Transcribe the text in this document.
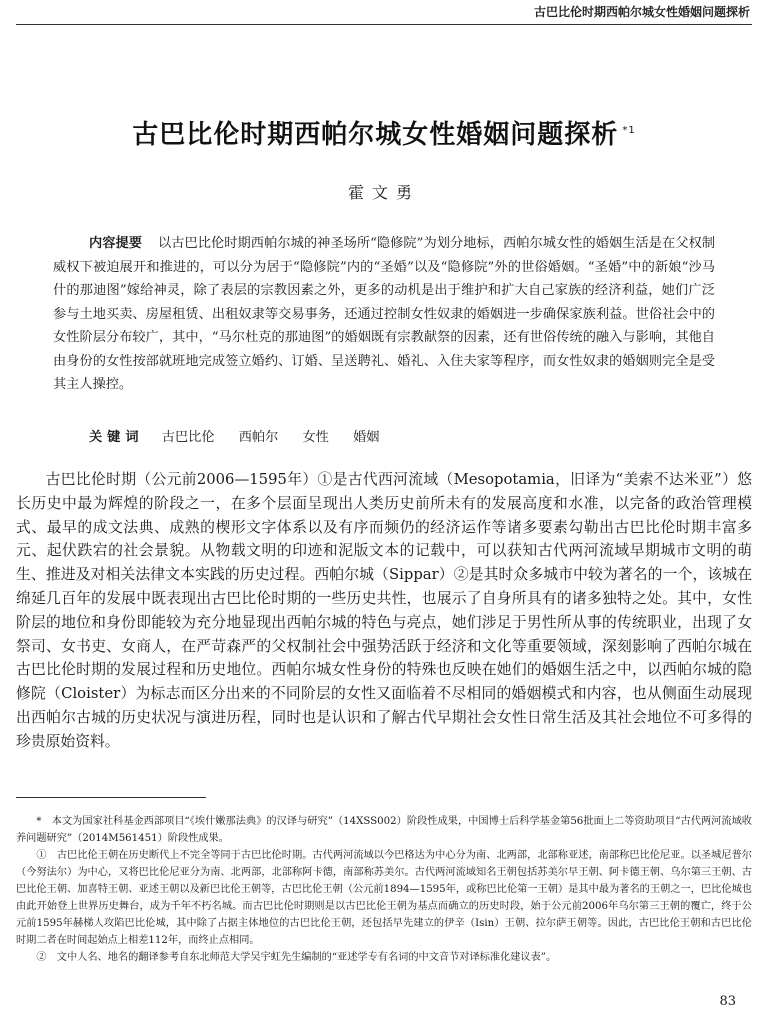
古巴比伦时期西帕尔城女性婚姻问题探析
古巴比伦时期西帕尔城女性婚姻问题探析 $^{*1}$
霍文勇

内容提要 以古巴比伦时期西帕尔城的神圣场所“隐修院”为划分地标，西帕尔城女性的婚姻生活是在父权制威权下被迫展开和推进的，可以分为居于“隐修院”内的“圣婚”以及“隐修院”外的世俗婚姻。“圣婚”中的新娘“沙马什的那迪图”嫁给神灵，除了表层的宗教因素之外，更多的动机是出于维护和扩大自己家族的经济利益，她们广泛参与土地买卖、房屋租赁、出租奴隶等交易事务，还通过控制女性奴隶的婚姻进一步确保家族利益。世俗社会中的女性阶层分布较广，其中，“马尔杜克的那迪图”的婚姻既有宗教献祭的因素，还有世俗传统的融入与影响，其他自由身份的女性按部就班地完成签立婚约、订婚、呈送聘礼、婚礼、入住夫家等程序，而女性奴隶的婚姻则完全是受其主人操控。

关键词 古巴比伦 西帕尔 女性 婚姻

古巴比伦时期（公元前2006—1595年）①是古代西河流域（Mesopotamia，旧译为“美索不达米亚”）悠长历史中最为辉煌的阶段之一，在多个层面呈现出人类历史前所未有的发展高度和水准，以完备的政治管理模式、最早的成文法典、成熟的楔形文字体系以及有序而频仍的经济运作等诸多要素勾勒出古巴比伦时期丰富多元、起伏跌宕的社会景貌。从物载文明的印迹和泥版文本的记载中，可以获知古代两河流域早期城市文明的萌生、推进及对相关法律文本实践的历史过程。西帕尔城（Sippar）②是其时众多城市中较为著名的一个，该城在绵延几百年的发展中既表现出古巴比伦时期的一些历史共性，也展示了自身所具有的诸多独特之处。其中，女性阶层的地位和身份即能较为充分地显现出西帕尔城的特色与亮点，她们涉足于男性所从事的传统职业，出现了女祭司、女书吏、女商人，在严苛森严的父权制社会中强势活跃于经济和文化等重要领域，深刻影响了西帕尔城在古巴比伦时期的发展过程和历史地位。西帕尔城女性身份的特殊也反映在她们的婚姻生活之中，以西帕尔城的隐修院（Cloister）为标志而区分出来的不同阶层的女性又面临着不尽相同的婚姻模式和内容，也从侧面生动展现出西帕尔古城的历史状况与演进历程，同时也是认识和了解古代早期社会女性日常生活及其社会地位不可多得的珍贵原始资料。

*　本文为国家社科基金西部项目“《埃什嫩那法典》的汉译与研究”（14XSS002）阶段性成果，中国博士后科学基金第56批面上二等资助项目“古代两河流域收养问题研究”（2014M561451）阶段性成果。

①　古巴比伦王朝在历史断代上不完全等同于古巴比伦时期。古代两河流域以今巴格达为中心分为南、北两部，北部称亚述，南部称巴比伦尼亚。以圣城尼普尔（今努法尔）为中心，又将巴比伦尼亚分为南、北两部，北部称阿卡德，南部称苏美尔。古代两河流域知名王朝包括苏美尔早王朝、阿卡德王朝、乌尔第三王朝、古巴比伦王朝、加喜特王朝、亚述王朝以及新巴比伦王朝等，古巴比伦王朝（公元前1894—1595年，或称巴比伦第一王朝）是其中最为著名的王朝之一，巴比伦城也由此开始登上世界历史舞台，成为千年不朽名城。而古巴比伦时期则是以古巴比伦王朝为基点而确立的历史时段，始于公元前2006年乌尔第三王朝的覆亡，终于公元前1595年赫梯人攻陷巴比伦城，其中除了占据主体地位的古巴比伦王朝，还包括早先建立的伊辛（Isin）王朝、拉尔萨王朝等。因此，古巴比伦王朝和古巴比伦时期二者在时间起始点上相差112年，而终止点相同。

②　文中人名、地名的翻译参考自东北师范大学吴宇虹先生编制的“亚述学专有名词的中文音节对译标准化建议表”。

83
